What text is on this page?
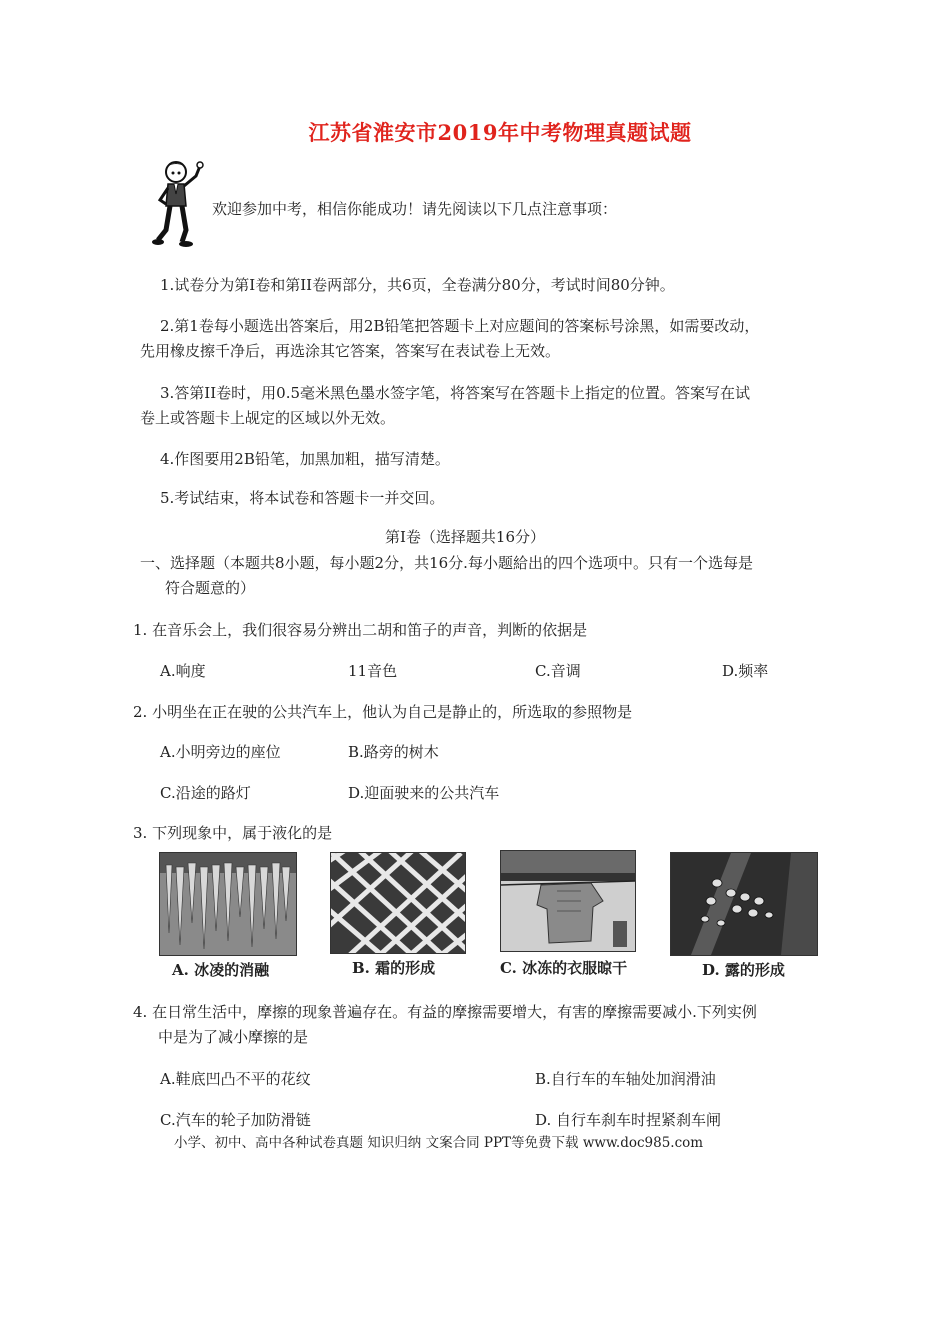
江苏省淮安市2019年中考物理真题试题
欢迎参加中考，相信你能成功！请先阅读以下几点注意事项：
1.试卷分为第I卷和第II卷两部分，共6页，全卷满分80分，考试时间80分钟。
2.第1卷每小题选出答案后，用2B铅笔把答题卡上对应题间的答案标号涂黑，如需要改动，
先用橡皮擦千净后，再选涂其它答案，答案写在表试卷上无效。
3.答第II卷时，用0.5毫米黑色墨水签字笔，将答案写在答题卡上指定的位置。答案写在试
卷上或答题卡上觇定的区域以外无效。
4.作图要用2B铅笔，加黑加粗，描写清楚。
5.考试结束，将本试卷和答题卡一并交回。
第I卷（选择题共16分）
一、选择题（本题共8小题，每小题2分，共16分.每小题給出的四个选项中。只有一个选每是
符合题意的）
1. 在音乐会上，我们很容易分辨出二胡和笛子的声音，判断的依据是
A.响度	11音色	C.音调	D.频率
2. 小明坐在正在驶的公共汽车上，他认为自己是静止的，所选取的参照物是
A.小明旁边的座位	B.路旁的树木
C.沿途的路灯	D.迎面驶来的公共汽车
3. 下列现象中，属于液化的是
A. 冰凌的消融	B. 霜的形成	C. 冰冻的衣服晾干	D. 露的形成
4. 在日常生活中，摩擦的现象普遍存在。有益的摩擦需要增大，有害的摩擦需要减小.下列实例
中是为了减小摩擦的是
A.鞋底凹凸不平的花纹	B.自行车的车轴处加润滑油
C.汽车的轮子加防滑链	D. 自行车刹车时捏紧刹车闸
小学、初中、高中各种试卷真题 知识归纳 文案合同 PPT等免费下载 www.doc985.com
